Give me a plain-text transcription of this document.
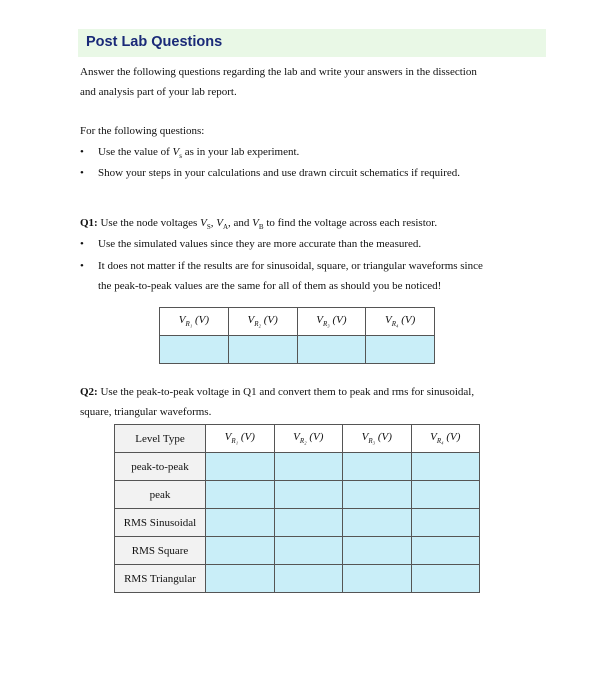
Post Lab Questions
Answer the following questions regarding the lab and write your answers in the dissection
and analysis part of your lab report.
For the following questions:
• Use the value of $V_s$ as in your lab experiment.
• Show your steps in your calculations and use drawn circuit schematics if required.
Q1: Use the node voltages $V_S$, $V_A$, and $V_B$ to find the voltage across each resistor.
• Use the simulated values since they are more accurate than the measured.
• It does not matter if the results are for sinusoidal, square, or triangular waveforms since
the peak-to-peak values are the same for all of them as should you be noticed!
$V_{R_1}$ (V)	$V_{R_2}$ (V)	$V_{R_3}$ (V)	$V_{R_4}$ (V)

Q2: Use the peak-to-peak voltage in Q1 and convert them to peak and rms for sinusoidal,
square, triangular waveforms.
Level Type	$V_{R_1}$ (V)	$V_{R_2}$ (V)	$V_{R_3}$ (V)	$V_{R_4}$ (V)
peak-to-peak				
peak				
RMS Sinusoidal				
RMS Square				
RMS Triangular				
